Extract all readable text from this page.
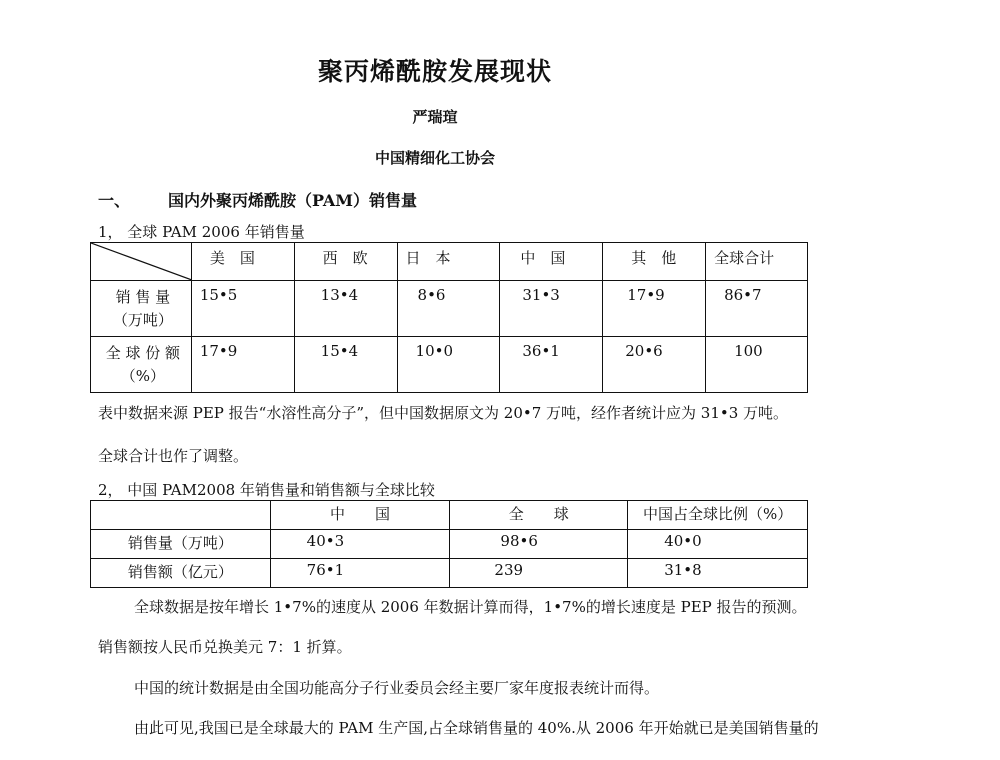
聚丙烯酰胺发展现状
严瑞瑄
中国精细化工协会
一、 国内外聚丙烯酰胺（PAM）销售量
1， 全球 PAM 2006 年销售量
	美　国	西　欧	日　本	中　国	其　他	全球合计

销 售 量
（万吨）	15•5	13•4	8•6	31•3	17•9	86•7

全 球 份 额
（%）	17•9	15•4	10•0	36•1	20•6	100
表中数据来源 PEP 报告“水溶性高分子”，但中国数据原文为 20•7 万吨，经作者统计应为 31•3 万吨。
全球合计也作了调整。
2， 中国 PAM2008 年销售量和销售额与全球比较
	中　　国	全　　球	中国占全球比例（%）
销售量（万吨）	40•3	98•6	40•0
销售额（亿元）	76•1	239	31•8
全球数据是按年增长 1•7%的速度从 2006 年数据计算而得，1•7%的增长速度是 PEP 报告的预测。
销售额按人民币兑换美元 7：1 折算。
中国的统计数据是由全国功能高分子行业委员会经主要厂家年度报表统计而得。
由此可见,我国已是全球最大的 PAM 生产国,占全球销售量的 40%.从 2006 年开始就已是美国销售量的
